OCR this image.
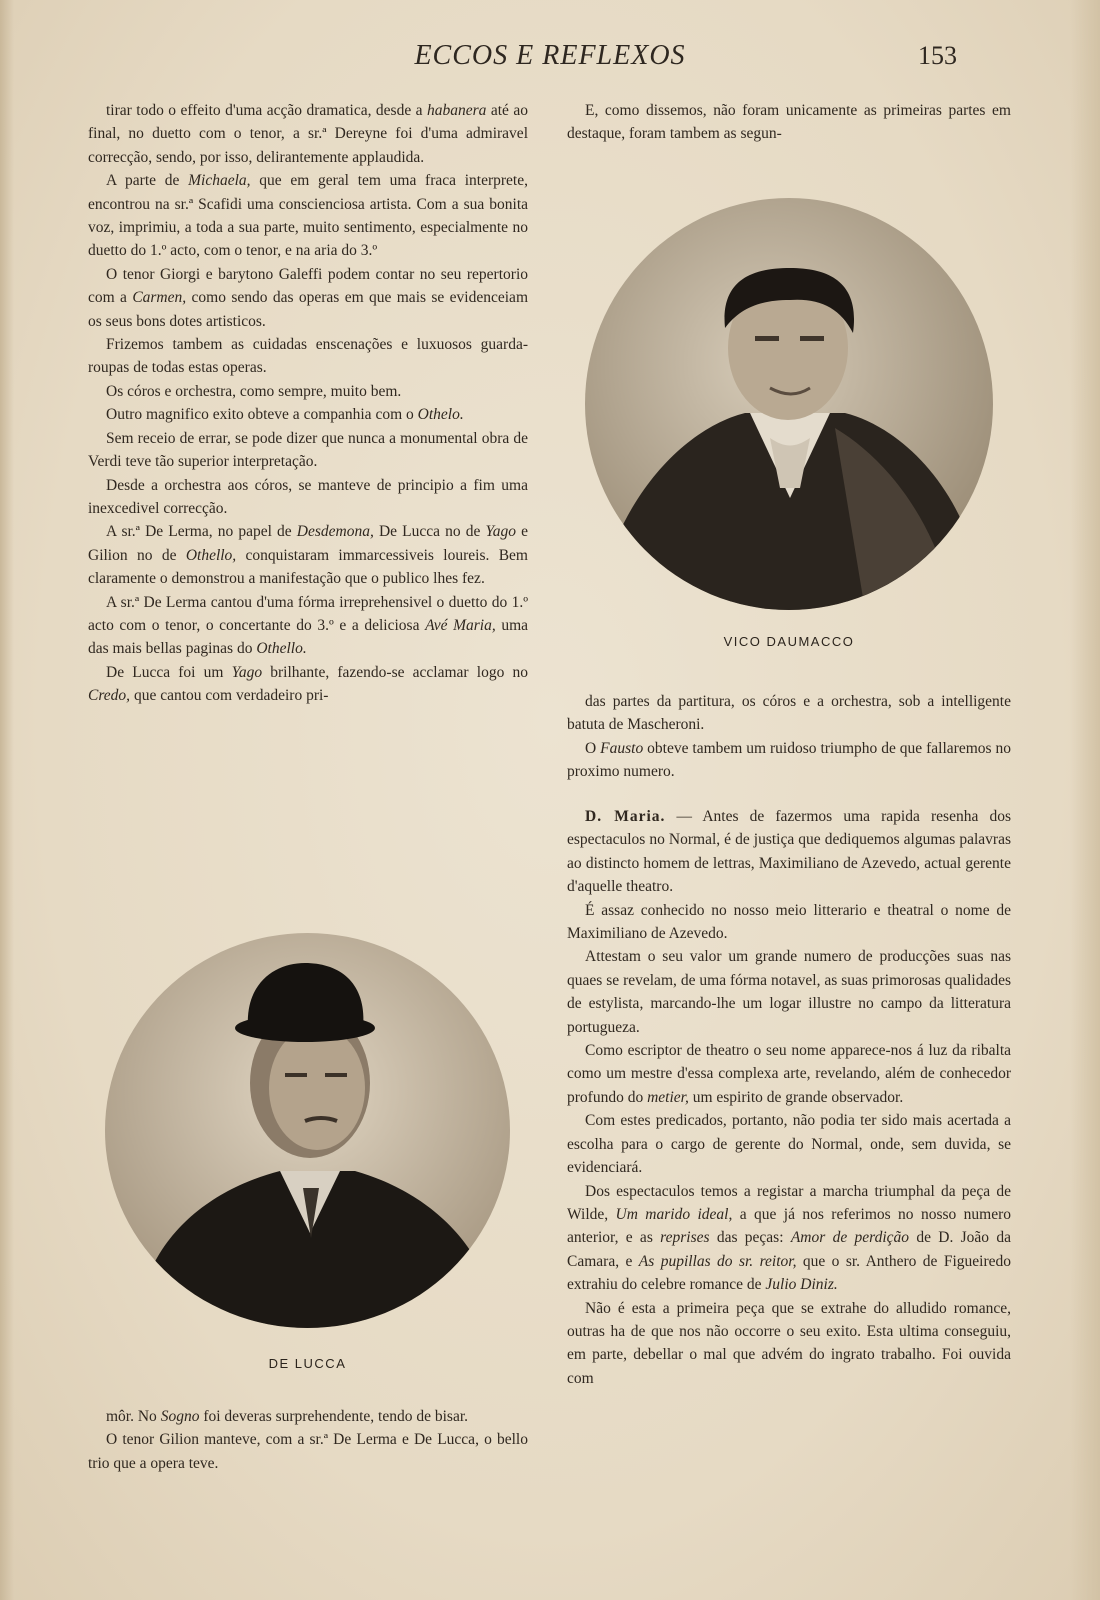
ECCOS E REFLEXOS	153

tirar todo o effeito d'uma acção dramatica, desde a habanera até ao final, no duetto com o tenor, a sr.ª Dereyne foi d'uma admiravel correcção, sendo, por isso, delirantemente applaudida.

A parte de Michaela, que em geral tem uma fraca interprete, encontrou na sr.ª Scafidi uma conscienciosa artista. Com a sua bonita voz, imprimiu, a toda a sua parte, muito sentimento, especialmente no duetto do 1.º acto, com o tenor, e na aria do 3.º

O tenor Giorgi e barytono Galeffi podem contar no seu repertorio com a Carmen, como sendo das operas em que mais se evidenceiam os seus bons dotes artisticos.

Frizemos tambem as cuidadas enscenações e luxuosos guarda-roupas de todas estas operas.

Os córos e orchestra, como sempre, muito bem.

Outro magnifico exito obteve a companhia com o Othelo.

Sem receio de errar, se pode dizer que nunca a monumental obra de Verdi teve tão superior interpretação.

Desde a orchestra aos córos, se manteve de principio a fim uma inexcedivel correcção.

A sr.ª De Lerma, no papel de Desdemona, De Lucca no de Yago e Gilion no de Othello, conquistaram immarcessiveis loureis. Bem claramente o demonstrou a manifestação que o publico lhes fez.

A sr.ª De Lerma cantou d'uma fórma irreprehensivel o duetto do 1.º acto com o tenor, o concertante do 3.º e a deliciosa Avé Maria, uma das mais bellas paginas do Othello.

De Lucca foi um Yago brilhante, fazendo-se acclamar logo no Credo, que cantou com verdadeiro pri-

DE LUCCA

môr. No Sogno foi deveras surprehendente, tendo de bisar.

O tenor Gilion manteve, com a sr.ª De Lerma e De Lucca, o bello trio que a opera teve.

E, como dissemos, não foram unicamente as primeiras partes em destaque, foram tambem as segun-

VICO DAUMACCO

das partes da partitura, os córos e a orchestra, sob a intelligente batuta de Mascheroni.

O Fausto obteve tambem um ruidoso triumpho de que fallaremos no proximo numero.

D. Maria. — Antes de fazermos uma rapida resenha dos espectaculos no Normal, é de justiça que dediquemos algumas palavras ao distincto homem de lettras, Maximiliano de Azevedo, actual gerente d'aquelle theatro.

É assaz conhecido no nosso meio litterario e theatral o nome de Maximiliano de Azevedo.

Attestam o seu valor um grande numero de producções suas nas quaes se revelam, de uma fórma notavel, as suas primorosas qualidades de estylista, marcando-lhe um logar illustre no campo da litteratura portugueza.

Como escriptor de theatro o seu nome apparece-nos á luz da ribalta como um mestre d'essa complexa arte, revelando, além de conhecedor profundo do metier, um espirito de grande observador.

Com estes predicados, portanto, não podia ter sido mais acertada a escolha para o cargo de gerente do Normal, onde, sem duvida, se evidenciará.

Dos espectaculos temos a registar a marcha triumphal da peça de Wilde, Um marido ideal, a que já nos referimos no nosso numero anterior, e as reprises das peças: Amor de perdição de D. João da Camara, e As pupillas do sr. reitor, que o sr. Anthero de Figueiredo extrahiu do celebre romance de Julio Diniz.

Não é esta a primeira peça que se extrahe do alludido romance, outras ha de que nos não occorre o seu exito. Esta ultima conseguiu, em parte, debellar o mal que advém do ingrato trabalho. Foi ouvida com
